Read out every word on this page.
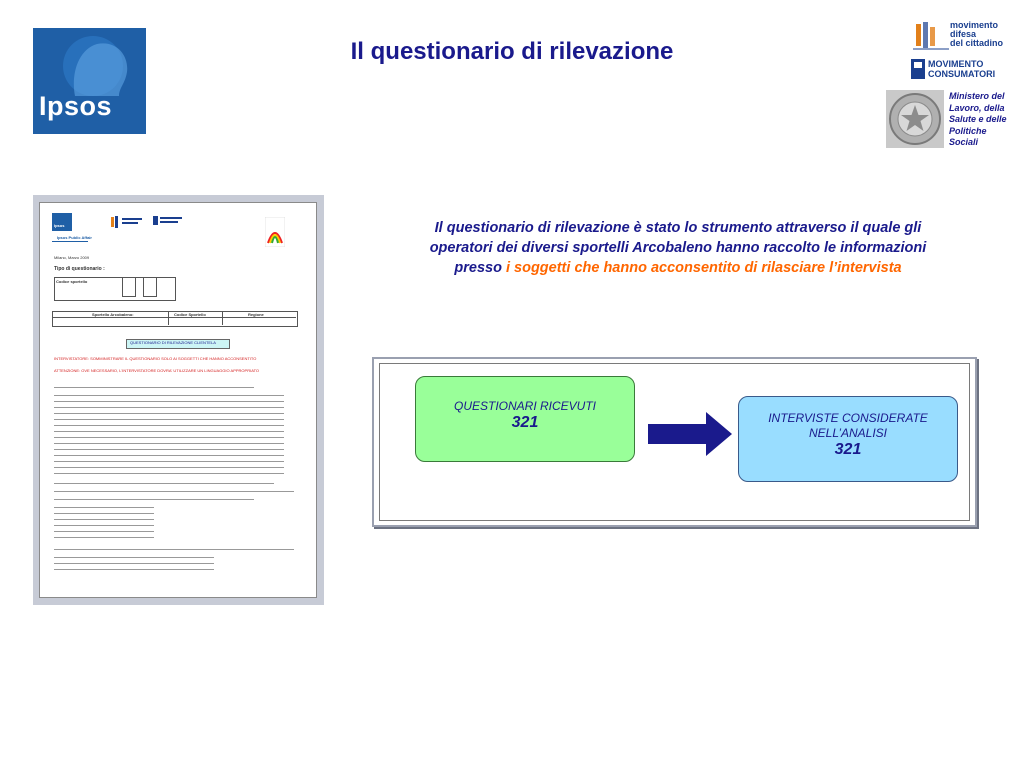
Ipsos
Il questionario di rilevazione
movimento
difesa
del cittadino
MOVIMENTO
CONSUMATORI
Ministero del
Lavoro, della
Salute e delle
Politiche
Sociali
Ipsos
Ipsos Public Affair
Milano, Marzo 2009
Tipo di questionario :
Codice sportello
Sportello Arcobaleno:	Codice Sportello	Regione
QUESTIONARIO DI RILEVAZIONE CLIENTELA
INTERVISTATORE: SOMMINISTRARE IL QUESTIONARIO SOLO AI SOGGETTI CHE HANNO ACCONSENTITO
ATTENZIONE: OVE NECESSARIO, L'INTERVISTATORE DOVRA' UTILIZZARE UN LINGUAGGIO APPROPRIATO
Il questionario di rilevazione è stato lo strumento attraverso il quale gli operatori dei diversi sportelli Arcobaleno hanno raccolto le informazioni presso i soggetti che hanno acconsentito di rilasciare l’intervista
QUESTIONARI RICEVUTI
321	INTERVISTE CONSIDERATE NELL’ANALISI
321
